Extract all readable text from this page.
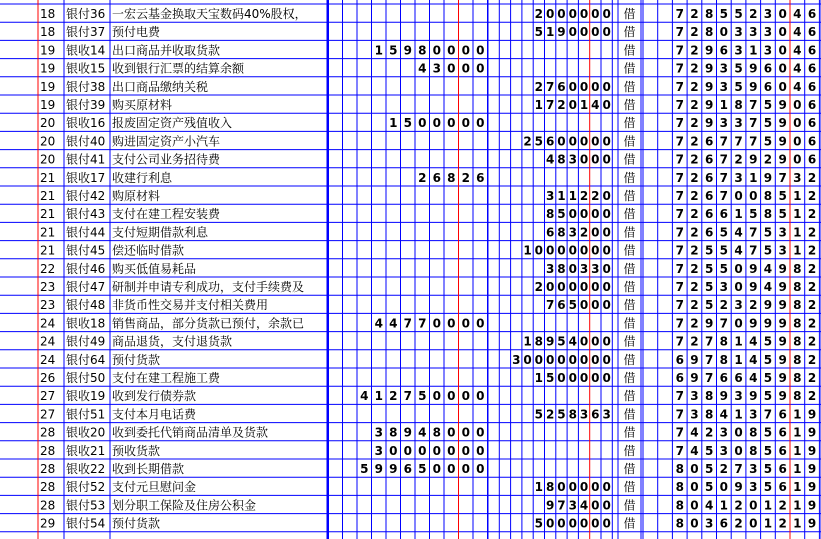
18 银付36 一宏云基金换取天宝数码40%股权，	2 0 0 0 0 0 0 借	7 2 8 5 5 2 3 0 4 6
18 银付37 预付电费	5 1 9 0 0 0 0 借	7 2 8 0 3 3 3 0 4 6
19 银收14 出口商品并收取货款	1 5 9 8 0 0 0 0	借	7 2 9 6 3 1 3 0 4 6
19 银收15 收到银行汇票的结算余额	4 3 0 0 0	借	7 2 9 3 5 9 6 0 4 6
19 银付38 出口商品缴纳关税	2 7 6 0 0 0 0 借	7 2 9 3 5 9 6 0 4 6
19 银付39 购买原材料	1 7 2 0 1 4 0 借	7 2 9 1 8 7 5 9 0 6
20 银收16 报废固定资产残值收入	1 5 0 0 0 0 0	借	7 2 9 3 3 7 5 9 0 6
20 银付40 购进固定资产小汽车	2 5 6 0 0 0 0 0 借	7 2 6 7 7 7 5 9 0 6
20 银付41 支付公司业务招待费	4 8 3 0 0 0 借	7 2 6 7 2 9 2 9 0 6
21 银收17 收建行利息	2 6 8 2 6	借	7 2 6 7 3 1 9 7 3 2
21 银付42 购原材料	3 1 1 2 2 0 借	7 2 6 7 0 0 8 5 1 2
21 银付43 支付在建工程安装费	8 5 0 0 0 0 借	7 2 6 6 1 5 8 5 1 2
21 银付44 支付短期借款利息	6 8 3 2 0 0 借	7 2 6 5 4 7 5 3 1 2
21 银付45 偿还临时借款	1 0 0 0 0 0 0 0 借	7 2 5 5 4 7 5 3 1 2
22 银付46 购买低值易耗品	3 8 0 3 3 0 借	7 2 5 5 0 9 4 9 8 2
23 银付47 研制并申请专利成功，支付手续费及	2 0 0 0 0 0 0 借	7 2 5 3 0 9 4 9 8 2
23 银付48 非货币性交易并支付相关费用	7 6 5 0 0 0 借	7 2 5 2 3 2 9 9 8 2
24 银收18 销售商品，部分货款已预付，余款已	4 4 7 7 0 0 0 0	借	7 2 9 7 0 9 9 9 8 2
24 银付49 商品退货，支付退货款	1 8 9 5 4 0 0 0 借	7 2 7 8 1 4 5 9 8 2
24 银付64 预付货款	3 0 0 0 0 0 0 0 0 借	6 9 7 8 1 4 5 9 8 2
26 银付50 支付在建工程施工费	1 5 0 0 0 0 0 借	6 9 7 6 6 4 5 9 8 2
27 银收19 收到发行债券款	4 1 2 7 5 0 0 0 0	借	7 3 8 9 3 9 5 9 8 2
27 银付51 支付本月电话费	5 2 5 8 3 6 3 借	7 3 8 4 1 3 7 6 1 9
28 银收20 收到委托代销商品清单及货款	3 8 9 4 8 0 0 0	借	7 4 2 3 0 8 5 6 1 9
28 银收21 预收货款	3 0 0 0 0 0 0 0	借	7 4 5 3 0 8 5 6 1 9
28 银收22 收到长期借款	5 9 9 6 5 0 0 0 0	借	8 0 5 2 7 3 5 6 1 9
28 银付52 支付元旦慰问金	1 8 0 0 0 0 0 借	8 0 5 0 9 3 5 6 1 9
28 银付53 划分职工保险及住房公积金	9 7 3 4 0 0 借	8 0 4 1 2 0 1 2 1 9
29 银付54 预付货款	5 0 0 0 0 0 0 借	8 0 3 6 2 0 1 2 1 9
